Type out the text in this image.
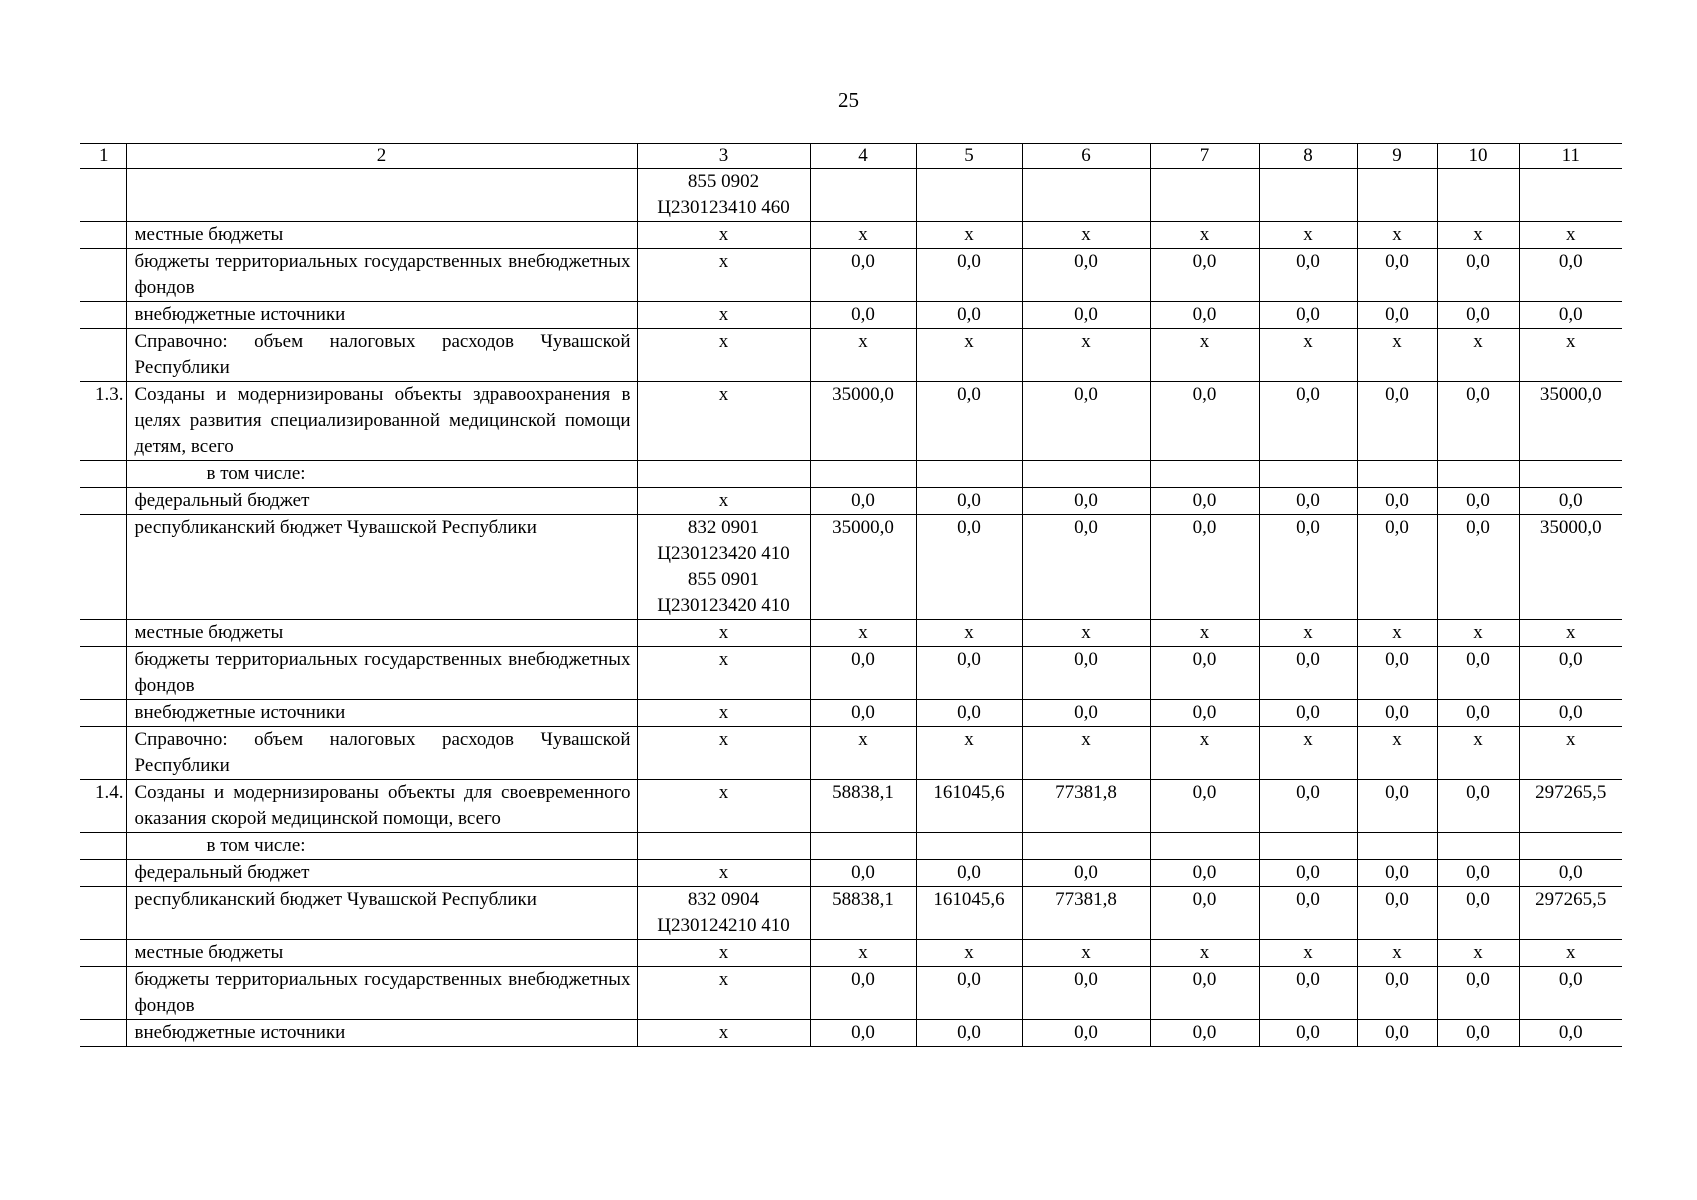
25
1	2	3	4	5	6	7	8	9	10	11
		855 0902
Ц230123410 460								
	местные бюджеты	х	х	х	х	х	х	х	х	х
	бюджеты территориальных государственных внебюджетных фондов	х	0,0	0,0	0,0	0,0	0,0	0,0	0,0	0,0
	внебюджетные источники	х	0,0	0,0	0,0	0,0	0,0	0,0	0,0	0,0
	Справочно: объем налоговых расходов Чувашской Республики	х	х	х	х	х	х	х	х	х
1.3.	Созданы и модернизированы объекты здравоохранения в целях развития специализированной медицинской помощи детям, всего	х	35000,0	0,0	0,0	0,0	0,0	0,0	0,0	35000,0
	в том числе:									
	федеральный бюджет	х	0,0	0,0	0,0	0,0	0,0	0,0	0,0	0,0
	республиканский бюджет Чувашской Республики	832 0901
Ц230123420 410
855 0901
Ц230123420 410	35000,0	0,0	0,0	0,0	0,0	0,0	0,0	35000,0
	местные бюджеты	х	х	х	х	х	х	х	х	х
	бюджеты территориальных государственных внебюджетных фондов	х	0,0	0,0	0,0	0,0	0,0	0,0	0,0	0,0
	внебюджетные источники	х	0,0	0,0	0,0	0,0	0,0	0,0	0,0	0,0
	Справочно: объем налоговых расходов Чувашской Республики	х	х	х	х	х	х	х	х	х
1.4.	Созданы и модернизированы объекты для своевременного оказания скорой медицинской помощи, всего	х	58838,1	161045,6	77381,8	0,0	0,0	0,0	0,0	297265,5
	в том числе:									
	федеральный бюджет	х	0,0	0,0	0,0	0,0	0,0	0,0	0,0	0,0
	республиканский бюджет Чувашской Республики	832 0904
Ц230124210 410	58838,1	161045,6	77381,8	0,0	0,0	0,0	0,0	297265,5
	местные бюджеты	х	х	х	х	х	х	х	х	х
	бюджеты территориальных государственных внебюджетных фондов	х	0,0	0,0	0,0	0,0	0,0	0,0	0,0	0,0
	внебюджетные источники	х	0,0	0,0	0,0	0,0	0,0	0,0	0,0	0,0
